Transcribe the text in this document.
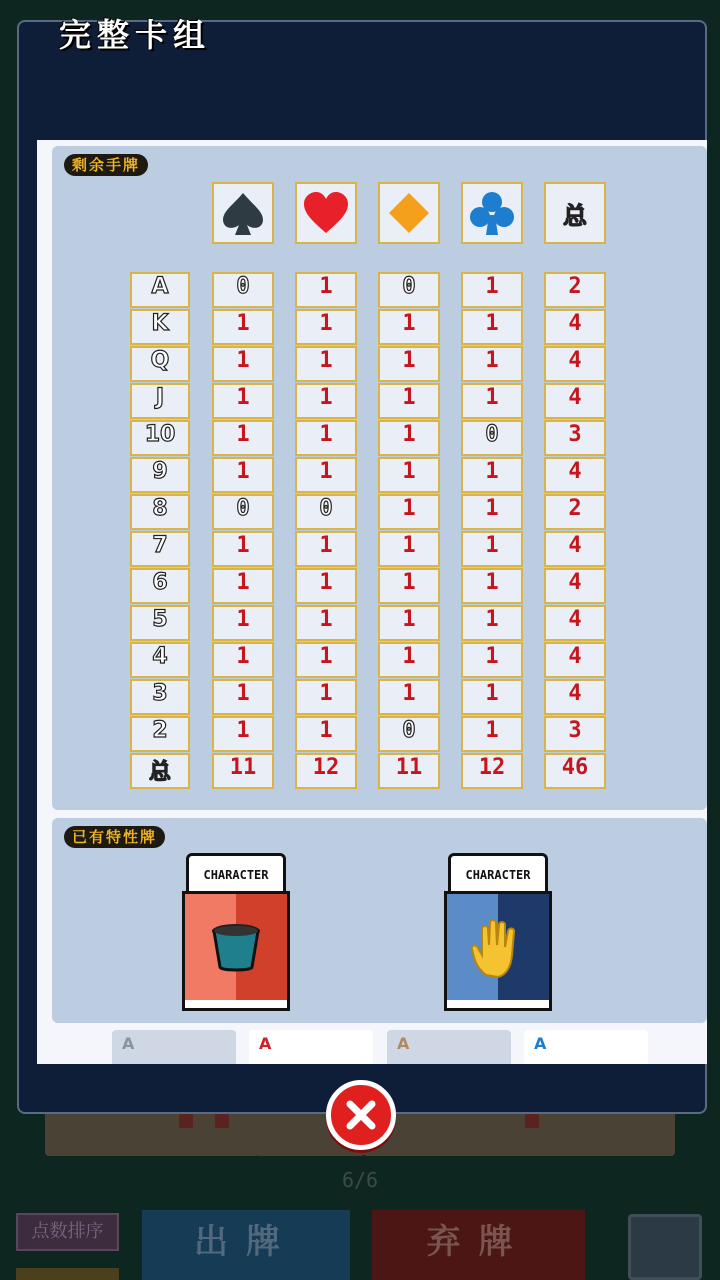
6/6
点数排序	出牌	弃牌
完整卡组
剩余手牌
总
A	0	1	0	1	2
K	1	1	1	1	4
Q	1	1	1	1	4
J	1	1	1	1	4
10	1	1	1	0	3
9	1	1	1	1	4
8	0	0	1	1	2
7	1	1	1	1	4
6	1	1	1	1	4
5	1	1	1	1	4
4	1	1	1	1	4
3	1	1	1	1	4
2	1	1	0	1	3
总	11	12	11	12	46
已有特性牌
CHARACTER	CHARACTER
A	A	A	A
